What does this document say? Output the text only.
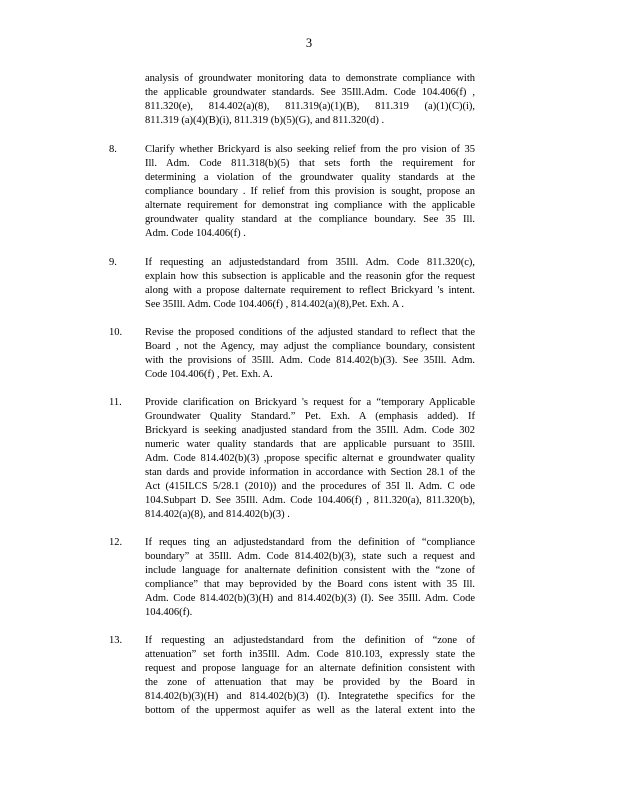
3
analysis of groundwater monitoring data to demonstrate compliance with
the applicable groundwater standards. See 35Ill.Adm. Code 104.406(f) ,
811.320(e), 814.402(a)(8), 811.319(a)(1)(B), 811.319 (a)(1)(C)(i),
811.319 (a)(4)(B)(i), 811.319 (b)(5)(G), and 811.320(d) .
8.	Clarify whether Brickyard is also seeking relief from the pro vision of 35
Ill. Adm. Code 811.318(b)(5) that sets forth the requirement for
determining a violation of the groundwater quality standards at the
compliance boundary . If relief from this provision is sought, propose an
alternate requirement for demonstrat ing compliance with the applicable
groundwater quality standard at the compliance boundary. See 35 Ill.
Adm. Code 104.406(f) .
9.	If requesting an adjustedstandard from 35Ill. Adm. Code 811.320(c),
explain how this subsection is applicable and the reasonin gfor the request
along with a propose dalternate requirement to reflect Brickyard 's intent.
See 35Ill. Adm. Code 104.406(f) , 814.402(a)(8),Pet. Exh. A .
10. Revise the proposed conditions of the adjusted standard to reflect that the
Board , not the Agency, may adjust the compliance boundary, consistent
with the provisions of 35Ill. Adm. Code 814.402(b)(3). See 35Ill. Adm.
Code 104.406(f) , Pet. Exh. A.
11. Provide clarification on Brickyard 's request for a “temporary Applicable
Groundwater Quality Standard.” Pet. Exh. A (emphasis added). If
Brickyard is seeking anadjusted standard from the 35Ill. Adm. Code 302
numeric water quality standards that are applicable pursuant to 35Ill.
Adm. Code 814.402(b)(3) ,propose specific alternat e groundwater quality
stan dards and provide information in accordance with Section 28.1 of the
Act (415ILCS 5/28.1 (2010)) and the procedures of 35I ll. Adm. C ode
104.Subpart D. See 35Ill. Adm. Code 104.406(f) , 811.320(a), 811.320(b),
814.402(a)(8), and 814.402(b)(3) .
12. If reques ting an adjustedstandard from the definition of “compliance
boundary” at 35Ill. Adm. Code 814.402(b)(3), state such a request and
include language for analternate definition consistent with the “zone of
compliance” that may beprovided by the Board cons istent with 35 Ill.
Adm. Code 814.402(b)(3)(H) and 814.402(b)(3) (I). See 35Ill. Adm. Code
104.406(f).
13. If requesting an adjustedstandard from the definition of “zone of
attenuation” set forth in35Ill. Adm. Code 810.103, expressly state the
request and propose language for an alternate definition consistent with
the zone of attenuation that may be provided by the Board in
814.402(b)(3)(H) and 814.402(b)(3) (I). Integratethe specifics for the
bottom of the uppermost aquifer as well as the lateral extent into the
